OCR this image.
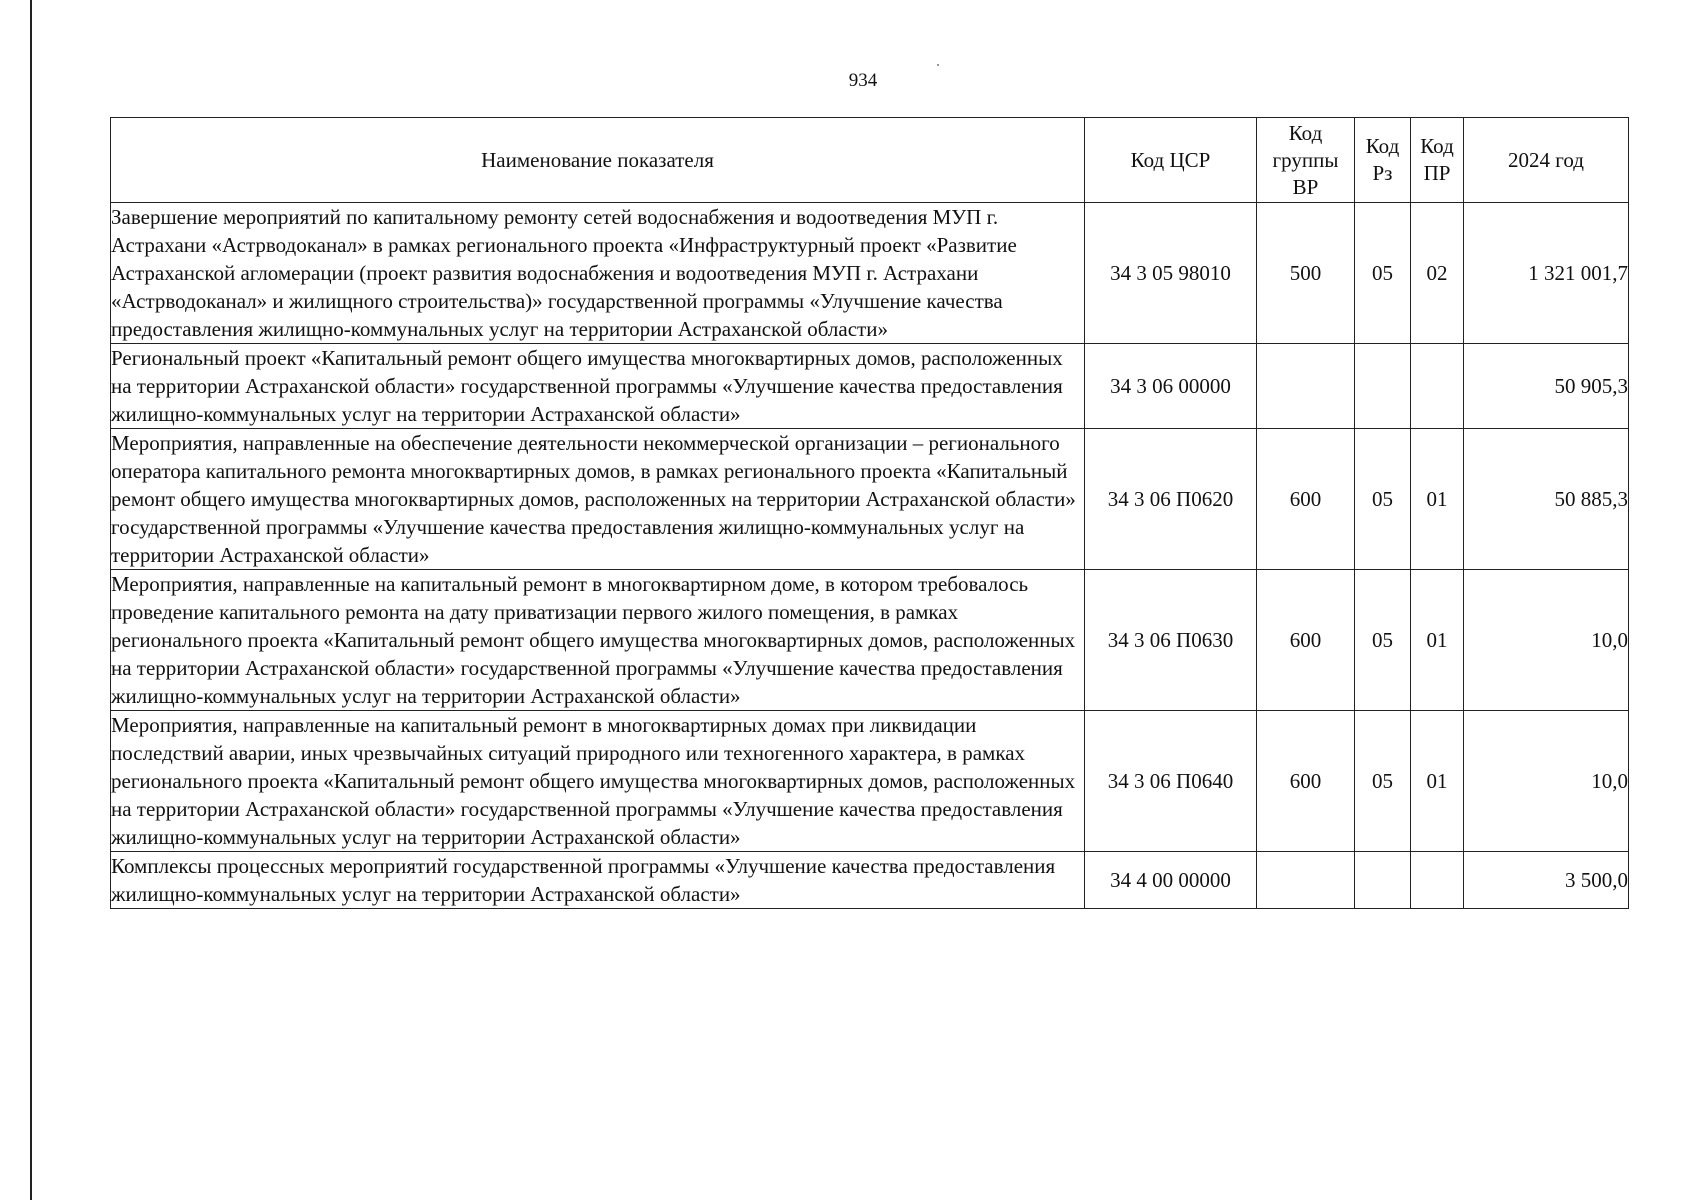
934
Наименование показателя	Код ЦСР	Код группы ВР	Код Рз	Код ПР	2024 год
Завершение мероприятий по капитальному ремонту сетей водоснабжения и водоотведения МУП г. Астрахани «Астрводоканал» в рамках регионального проекта «Инфраструктурный проект «Развитие Астраханской агломерации (проект развития водоснабжения и водоотведения МУП г. Астрахани «Астрводоканал» и жилищного строительства)» государственной программы «Улучшение качества предоставления жилищно-коммунальных услуг на территории Астраханской области»	34 3 05 98010	500	05	02	1 321 001,7
Региональный проект «Капитальный ремонт общего имущества многоквартирных домов, расположенных на территории Астраханской области» государственной программы «Улучшение качества предоставления жилищно-коммунальных услуг на территории Астраханской области»	34 3 06 00000				50 905,3
Мероприятия, направленные на обеспечение деятельности некоммерческой организации – регионального оператора капитального ремонта многоквартирных домов, в рамках регионального проекта «Капитальный ремонт общего имущества многоквартирных домов, расположенных на территории Астраханской области» государственной программы «Улучшение качества предоставления жилищно-коммунальных услуг на территории Астраханской области»	34 3 06 П0620	600	05	01	50 885,3
Мероприятия, направленные на капитальный ремонт в многоквартирном доме, в котором требовалось проведение капитального ремонта на дату приватизации первого жилого помещения, в рамках регионального проекта «Капитальный ремонт общего имущества многоквартирных домов, расположенных на территории Астраханской области» государственной программы «Улучшение качества предоставления жилищно-коммунальных услуг на территории Астраханской области»	34 3 06 П0630	600	05	01	10,0
Мероприятия, направленные на капитальный ремонт в многоквартирных домах при ликвидации последствий аварии, иных чрезвычайных ситуаций природного или техногенного характера, в рамках регионального проекта «Капитальный ремонт общего имущества многоквартирных домов, расположенных на территории Астраханской области» государственной программы «Улучшение качества предоставления жилищно-коммунальных услуг на территории Астраханской области»	34 3 06 П0640	600	05	01	10,0
Комплексы процессных мероприятий государственной программы «Улучшение качества предоставления жилищно-коммунальных услуг на территории Астраханской области»	34 4 00 00000				3 500,0
